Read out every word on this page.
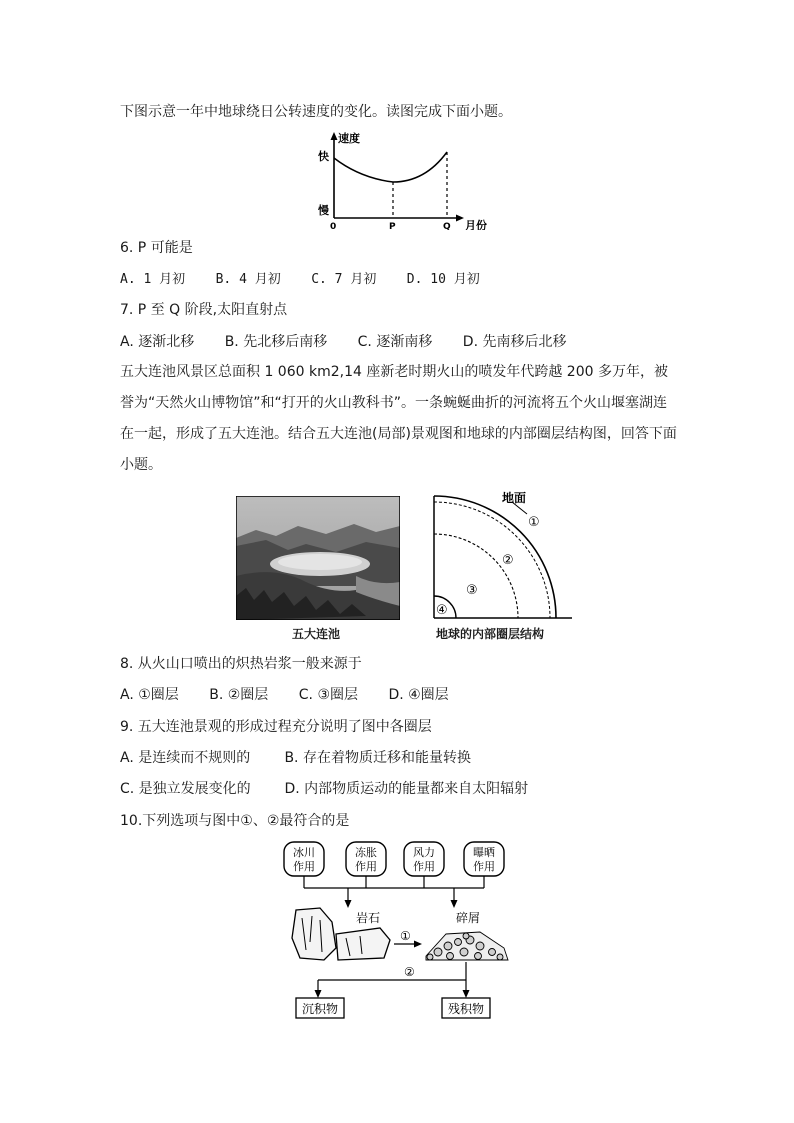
下图示意一年中地球绕日公转速度的变化。读图完成下面小题。
速度
快
慢
0	P	Q 月份
6. P 可能是
A. 1 月初 B. 4 月初 C. 7 月初 D. 10 月初
7. P 至 Q 阶段,太阳直射点
A. 逐渐北移 B. 先北移后南移 C. 逐渐南移 D. 先南移后北移
五大连池风景区总面积 1 060 km2,14 座新老时期火山的喷发年代跨越 200 多万年，被誉为“天然火山博物馆”和“打开的火山教科书”。一条蜿蜒曲折的河流将五个火山堰塞湖连在一起，形成了五大连池。结合五大连池(局部)景观图和地球的内部圈层结构图，回答下面小题。
五大连池
地面
①
②
③
④
地球的内部圈层结构
8. 从火山口喷出的炽热岩浆一般来源于
A. ①圈层 B. ②圈层 C. ③圈层 D. ④圈层
9. 五大连池景观的形成过程充分说明了图中各圈层
A. 是连续而不规则的 B. 存在着物质迁移和能量转换
C. 是独立发展变化的 D. 内部物质运动的能量都来自太阳辐射
10.下列选项与图中①、②最符合的是
冰川
作用
冻胀
作用
风力
作用
曝晒
作用
岩石
①
碎屑
②
沉积物	残积物
